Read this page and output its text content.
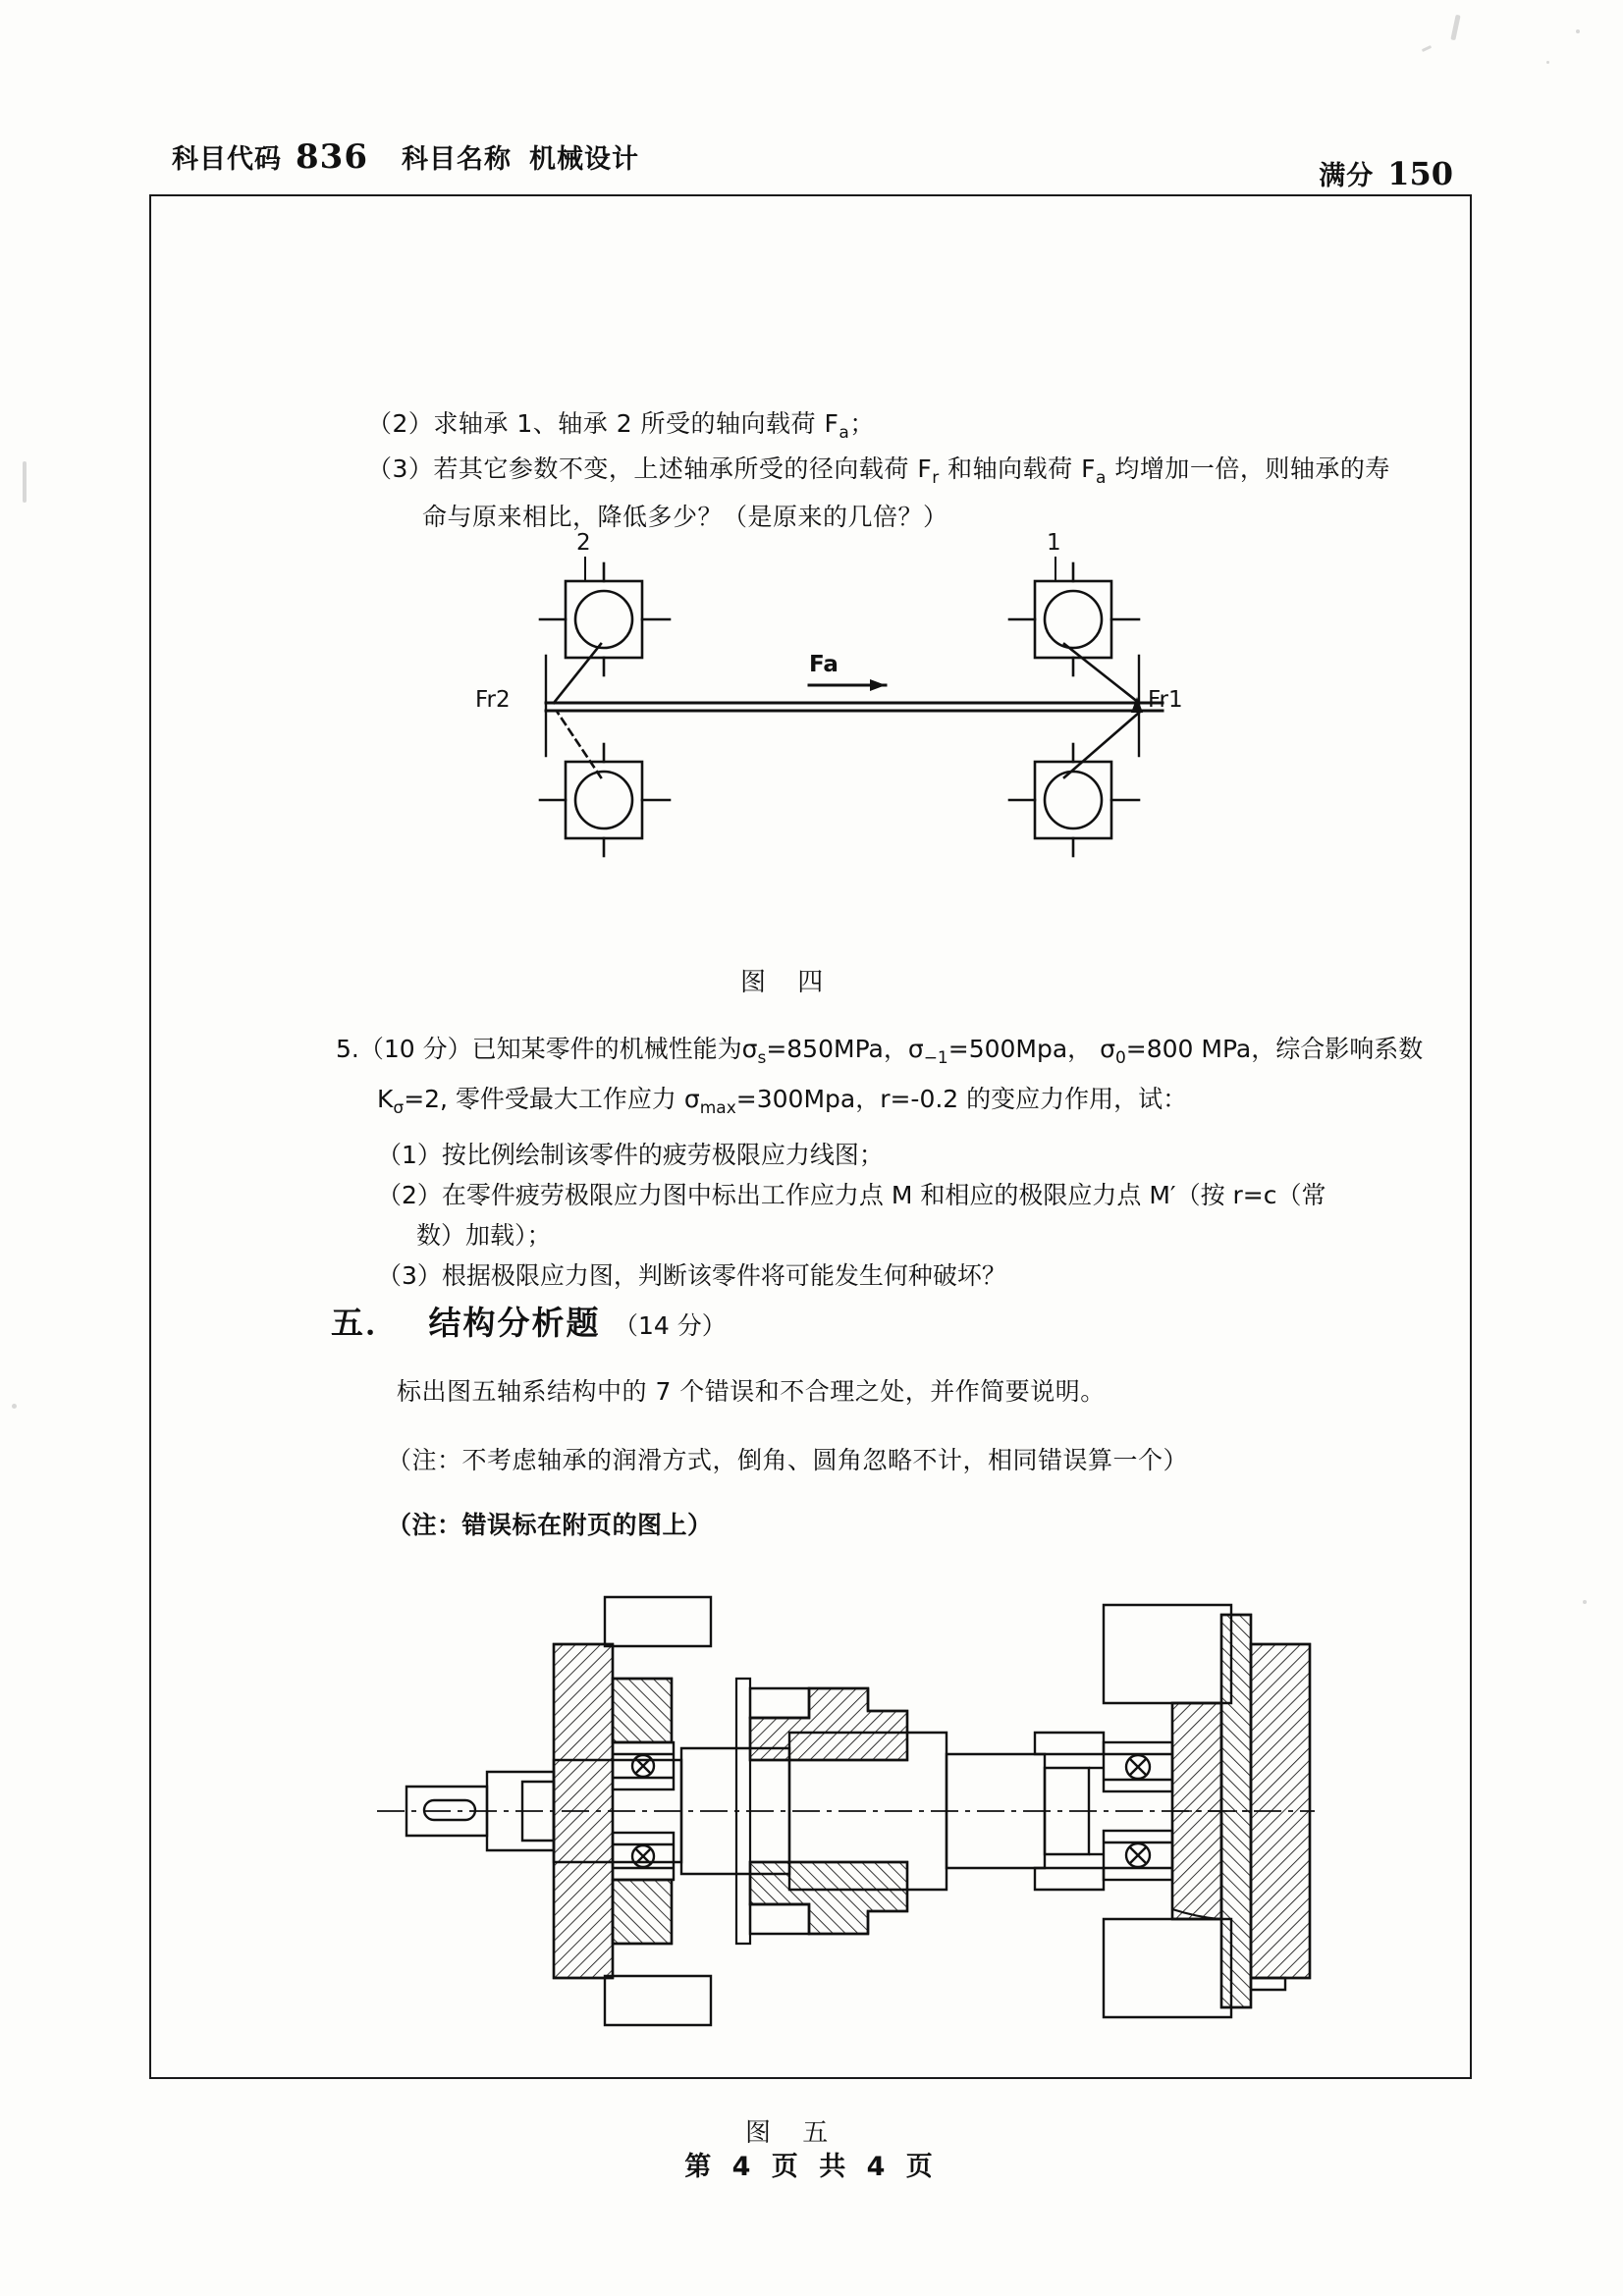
科目代码 836 科目名称 机械设计
满分 150
（2）求轴承 1、轴承 2 所受的轴向载荷 $F_a$；
（3）若其它参数不变，上述轴承所受的径向载荷 $F_r$ 和轴向载荷 $F_a$ 均增加一倍，则轴承的寿
命与原来相比，降低多少？（是原来的几倍？）
2	1
Fa
Fr2	Fr1
图 四
5.（10 分）已知某零件的机械性能为$\sigma_s=850MPa$，$\sigma_{-1}=500Mpa$， $\sigma_0=800$ MPa，综合影响系数
$K_\sigma=2$, 零件受最大工作应力 $\sigma_{max}=300Mpa$，r=-0.2 的变应力作用，试：
（1）按比例绘制该零件的疲劳极限应力线图；
（2）在零件疲劳极限应力图中标出工作应力点 M 和相应的极限应力点 M′（按 r=c（常
数）加载）；
（3）根据极限应力图，判断该零件将可能发生何种破坏？
五． 结构分析题 （14 分）
标出图五轴系结构中的 7 个错误和不合理之处，并作简要说明。
（注：不考虑轴承的润滑方式，倒角、圆角忽略不计，相同错误算一个）
（注：错误标在附页的图上）
图 五
第 4 页 共 4 页
